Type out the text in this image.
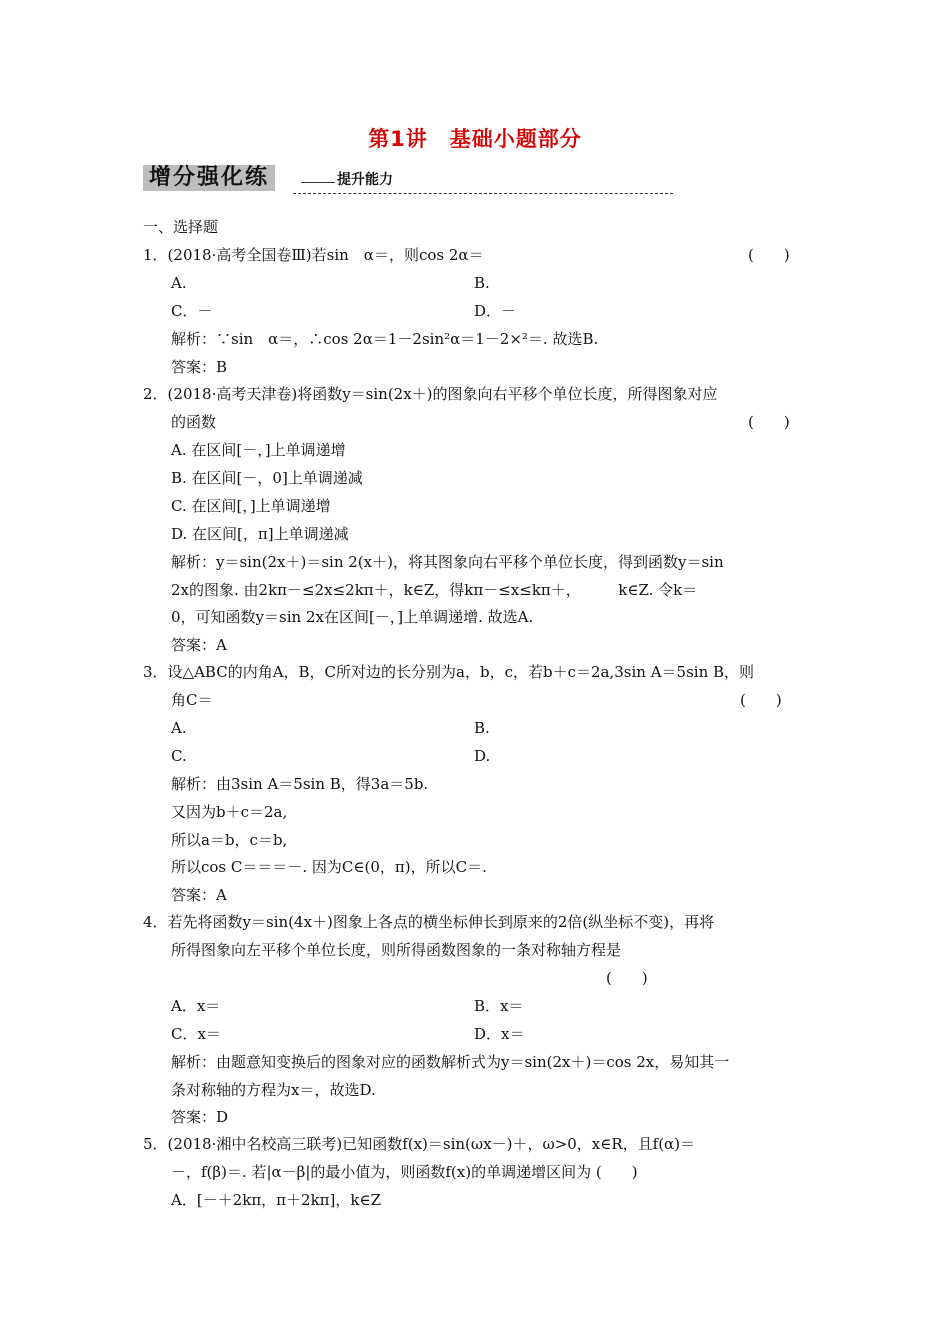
第1讲　基础小题部分
增分强化练	提升能力
一、选择题
1．(2018·高考全国卷Ⅲ)若sin　α＝，则cos 2α＝	(　　)
A.	B.
C．－	D．－
解析：∵sin　α＝，∴cos 2α＝1－2sin²α＝1－2×²＝. 故选B.
答案：B
2．(2018·高考天津卷)将函数y＝sin(2x＋)的图象向右平移个单位长度，所得图象对应
的函数	(　　)
A. 在区间[－，]上单调递增
B. 在区间[－，0]上单调递减
C. 在区间[，]上单调递增
D. 在区间[，π]上单调递减
解析：y＝sin(2x＋)＝sin 2(x＋)，将其图象向右平移个单位长度，得到函数y＝sin
2x的图象. 由2kπ－≤2x≤2kπ＋，k∈Z，得kπ－≤x≤kπ＋，　　　k∈Z. 令k＝
0，可知函数y＝sin 2x在区间[－，]上单调递增. 故选A.
答案：A
3．设△ABC的内角A，B，C所对边的长分别为a，b，c，若b＋c＝2a,3sin A＝5sin B，则
角C＝	(　　)
A.	B.
C.	D.
解析：由3sin A＝5sin B，得3a＝5b.
又因为b＋c＝2a,
所以a＝b，c＝b,
所以cos C＝＝＝－. 因为C∈(0，π)，所以C＝.
答案：A
4．若先将函数y＝sin(4x＋)图象上各点的横坐标伸长到原来的2倍(纵坐标不变)，再将
所得图象向左平移个单位长度，则所得函数图象的一条对称轴方程是
(　　)
A．x＝	B．x＝
C．x＝	D．x＝
解析：由题意知变换后的图象对应的函数解析式为y＝sin(2x＋)＝cos 2x，易知其一
条对称轴的方程为x＝，故选D.
答案：D
5．(2018·湘中名校高三联考)已知函数f(x)＝sin(ωx－)＋，ω>0，x∈R，且f(α)＝
－，f(β)＝. 若|α－β|的最小值为，则函数f(x)的单调递增区间为 (　　)
A．[－＋2kπ，π＋2kπ]，k∈Z
